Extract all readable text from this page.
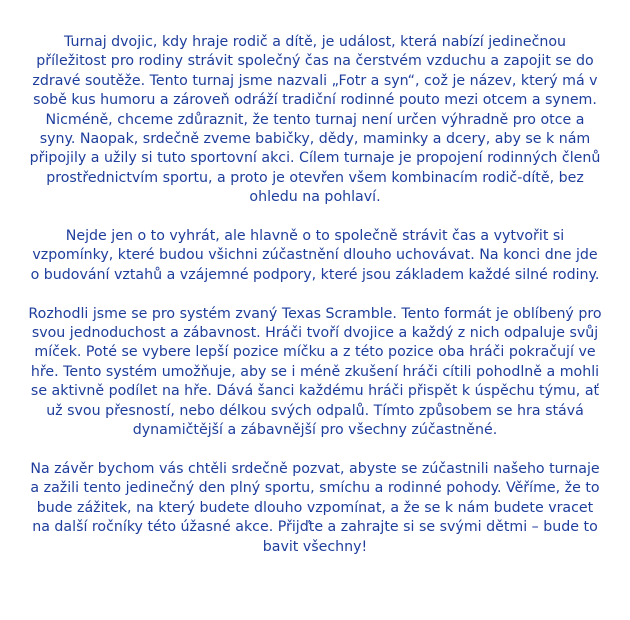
Turnaj dvojic, kdy hraje rodič a dítě, je událost, která nabízí jedinečnou příležitost pro rodiny strávit společný čas na čerstvém vzduchu a zapojit se do zdravé soutěže. Tento turnaj jsme nazvali „Fotr a syn“, což je název, který má v sobě kus humoru a zároveň odráží tradiční rodinné pouto mezi otcem a synem. Nicméně, chceme zdůraznit, že tento turnaj není určen výhradně pro otce a syny. Naopak, srdečně zveme babičky, dědy, maminky a dcery, aby se k nám připojily a užily si tuto sportovní akci. Cílem turnaje je propojení rodinných členů prostřednictvím sportu, a proto je otevřen všem kombinacím rodič-dítě, bez ohledu na pohlaví.

Nejde jen o to vyhrát, ale hlavně o to společně strávit čas a vytvořit si vzpomínky, které budou všichni zúčastnění dlouho uchovávat. Na konci dne jde o budování vztahů a vzájemné podpory, které jsou základem každé silné rodiny.

Rozhodli jsme se pro systém zvaný Texas Scramble. Tento formát je oblíbený pro svou jednoduchost a zábavnost. Hráči tvoří dvojice a každý z nich odpaluje svůj míček. Poté se vybere lepší pozice míčku a z této pozice oba hráči pokračují ve hře. Tento systém umožňuje, aby se i méně zkušení hráči cítili pohodlně a mohli se aktivně podílet na hře. Dává šanci každému hráči přispět k úspěchu týmu, ať už svou přesností, nebo délkou svých odpalů. Tímto způsobem se hra stává dynamičtější a zábavnější pro všechny zúčastněné.

Na závěr bychom vás chtěli srdečně pozvat, abyste se zúčastnili našeho turnaje a zažili tento jedinečný den plný sportu, smíchu a rodinné pohody. Věříme, že to bude zážitek, na který budete dlouho vzpomínat, a že se k nám budete vracet na další ročníky této úžasné akce. Přijďte a zahrajte si se svými dětmi – bude to bavit všechny!
